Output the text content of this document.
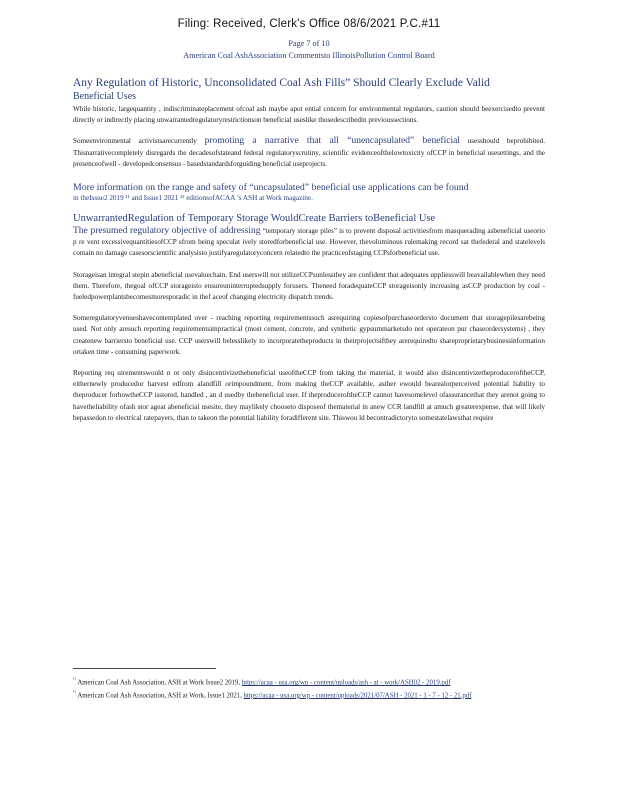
Filing: Received, Clerk's Office 08/6/2021 P.C.#11
Page 7 of 10
American Coal AshAssociation Commentsto IllinoisPollution Control Board
Any Regulation of Historic, Unconsolidated Coal Ash Fills” Should Clearly Exclude Valid
Beneficial Uses

While historic, largequantity , indiscriminateplacement ofcoal ash maybe apot ential concern for environmental regulators, caution should beexercisedto prevent directly or indirectly placing unwarrantedregulatoryrestrictionson beneficial useslike thosedescribedin previoussections.

Someenvironmental activistsarecurrently promoting a narrative that all “unencapsulated” beneficial usesshould beprohibited. Thisnarrativecompletely disregards the decadesofstateand federal regulatoryscrutiny, scientific evidenceofthelowtoxicity ofCCP in beneficial usesettings, and the presenceofwell - developedconsensus - basedstandardsforguiding beneficial useprojects.

More information on the range and safety of “uncapsulated” beneficial use applications can be found
in theIssue2 2019 ¹¹ and Issue1 2021 ¹² editionsofACAA ’s ASH at Work magazine.
UnwarrantedRegulation of Temporary Storage WouldCreate Barriers toBeneficial Use

The presumed regulatory objective of addressing “temporary storage piles” is to prevent disposal activitiesfrom masquerading asbeneficial useorto p re vent excessivequantitiesofCCP sfrom being speculat ively storedforbeneficial use. However, thevoluminous rulemaking record sat thefederal and statelevels contain no damage casesorscientific analysisto justifyaregulatoryconcern relatedto the practiceofstaging CCPsforbeneficial use.

Storageisan integral stepin abeneficial usevaluechain. End userswill not utilizeCCPsunlessthey are confident that adequates uppliesswill beavailablewhen they need them. Therefore, thegoal ofCCP storageisto ensureuninterruptedsupply forusers. Theneed foradequateCCP storageisonly increasing asCCP production by coal - fueledpowerplantsbecomesmoresporadic in thef aceof changing electricity dispatch trends.

Someregulatoryvenueshavecontemplated over - reaching reporting requirementssuch asrequiring copiesofpurchaseordersto document that storagepilesarebeing used. Not only aresuch reporting requirementsimpractical (most cement, concrete, and synthetic gypsummarketsdo not operateon pur chaseordersystems) , they createnew barriersto beneficial use. CCP userswill belesslikely to incorporatetheproducts in theirprojectsifthey arerequiredto shareproprietarybusinessinformation ortaken time - consuming paperwork.

Reporting req uirementswould n ot only disincentivizethebeneficial useoftheCCP from taking the material, it would also disincentivizetheproduceroftheCCP, eithernewly producedor harvest edfrom alandfill orimpoundment, from making theCCP available, asther ewould bearealorperceived potential liability to theproducer forhowtheCCP isstored, handled , an d usedby thebeneficial user. If theproduceroftheCCP cannot havesomelevel ofassurancethat they arenot going to havetheliability ofash stor ageat abeneficial usesite, they maylikely chooseto disposeof thematerial in anew CCR landfill at amuch greaterexpense, that will likely bepassedon to electrical ratepayers, than to takeon the potential liability foradifferent site. Thiswou ld becontradictoryto somestatelawsthat require

$^{^{11}}$ American Coal Ash Association, ASH at Work Issue2 2019, https://acaa - usa.org/wp - content/uploads/ash - at - work/ASH02 - 2019.pdf
$^{^{12}}$ American Coal Ash Association, ASH at Work, Issue1 2021, https://acaa - usa.org/wp - content/uploads/2021/07/ASH - 2021 - 1 - 7 - 12 - 21.pdf
